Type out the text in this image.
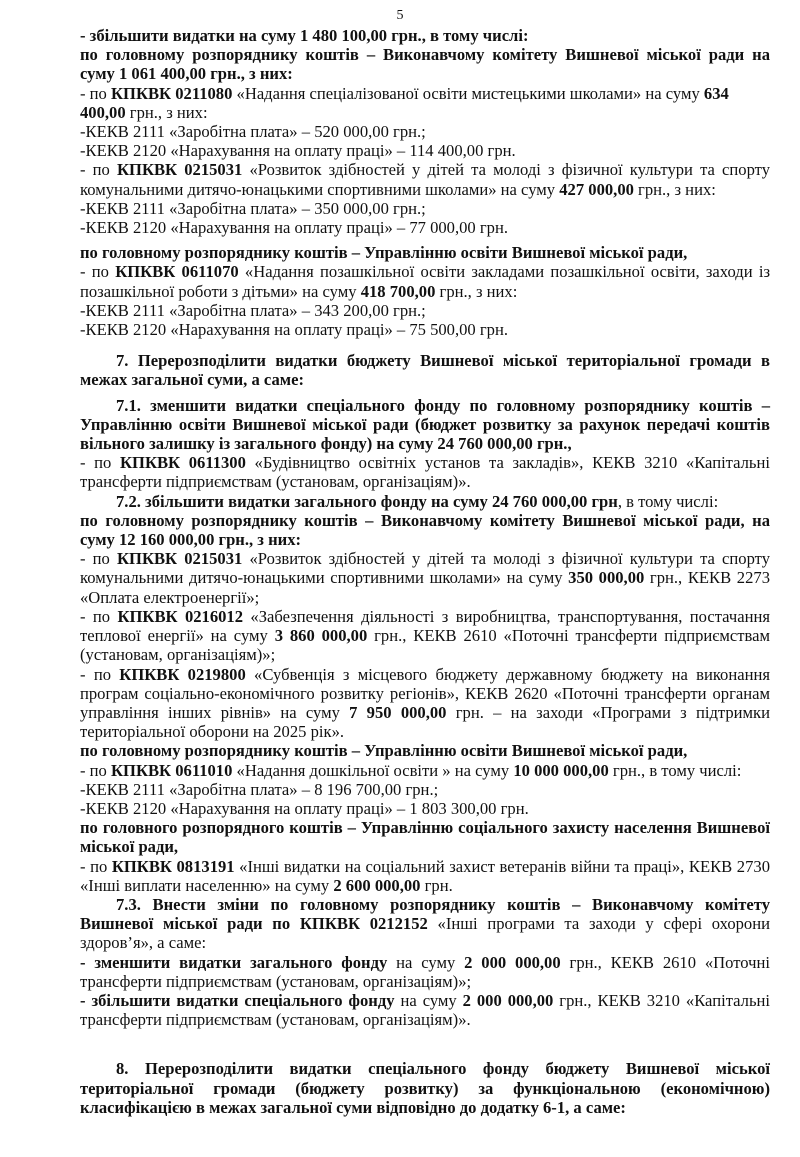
5

- збільшити видатки на суму 1 480 100,00 грн., в тому числі:

по головному розпоряднику коштів – Виконавчому комітету Вишневої міської ради на суму 1 061 400,00 грн., з них:

- по КПКВК 0211080 «Надання спеціалізованої освіти мистецькими школами» на суму 634 400,00 грн., з них:

-КЕКВ 2111 «Заробітна плата» – 520 000,00 грн.;

-КЕКВ 2120 «Нарахування на оплату праці» – 114 400,00 грн.

- по КПКВК 0215031 «Розвиток здібностей у дітей та молоді з фізичної культури та спорту комунальними дитячо-юнацькими спортивними школами» на суму 427 000,00 грн., з них:

-КЕКВ 2111 «Заробітна плата» – 350 000,00 грн.;

-КЕКВ 2120 «Нарахування на оплату праці» – 77 000,00 грн.

по головному розпоряднику коштів – Управлінню освіти Вишневої міської ради,

- по КПКВК 0611070 «Надання позашкільної освіти закладами позашкільної освіти, заходи із позашкільної роботи з дітьми» на суму 418 700,00 грн., з них:

-КЕКВ 2111 «Заробітна плата» – 343 200,00 грн.;

-КЕКВ 2120 «Нарахування на оплату праці» – 75 500,00 грн.

7. Перерозподілити видатки бюджету Вишневої міської територіальної громади в межах загальної суми, а саме:

7.1. зменшити видатки спеціального фонду по головному розпоряднику коштів – Управлінню освіти Вишневої міської ради (бюджет розвитку за рахунок передачі коштів вільного залишку із загального фонду) на суму 24 760 000,00 грн.,

- по КПКВК 0611300 «Будівництво освітніх установ та закладів», КЕКВ 3210 «Капітальні трансферти підприємствам (установам, організаціям)».

7.2. збільшити видатки загального фонду на суму 24 760 000,00 грн, в тому числі:

по головному розпоряднику коштів – Виконавчому комітету Вишневої міської ради, на суму 12 160 000,00 грн., з них:

- по КПКВК 0215031 «Розвиток здібностей у дітей та молоді з фізичної культури та спорту комунальними дитячо-юнацькими спортивними школами» на суму 350 000,00 грн., КЕКВ 2273 «Оплата електроенергії»;

- по КПКВК 0216012 «Забезпечення діяльності з виробництва, транспортування, постачання теплової енергії» на суму 3 860 000,00 грн., КЕКВ 2610 «Поточні трансферти підприємствам (установам, організаціям)»;

- по КПКВК 0219800 «Субвенція з місцевого бюджету державному бюджету на виконання програм соціально-економічного розвитку регіонів», КЕКВ 2620 «Поточні трансферти органам управління інших рівнів» на суму 7 950 000,00 грн. – на заходи «Програми з підтримки територіальної оборони на 2025 рік».

по головному розпоряднику коштів – Управлінню освіти Вишневої міської ради,

- по КПКВК 0611010 «Надання дошкільної освіти » на суму 10 000 000,00 грн., в тому числі:

-КЕКВ 2111 «Заробітна плата» – 8 196 700,00 грн.;

-КЕКВ 2120 «Нарахування на оплату праці» – 1 803 300,00 грн.

по головного розпорядного коштів – Управлінню соціального захисту населення Вишневої міської ради,

- по КПКВК 0813191 «Інші видатки на соціальний захист ветеранів війни та праці», КЕКВ 2730 «Інші виплати населенню» на суму 2 600 000,00 грн.

7.3. Внести зміни по головному розпоряднику коштів – Виконавчому комітету Вишневої міської ради по КПКВК 0212152 «Інші програми та заходи у сфері охорони здоров’я», а саме:

- зменшити видатки загального фонду на суму 2 000 000,00 грн., КЕКВ 2610 «Поточні трансферти підприємствам (установам, організаціям)»;

- збільшити видатки спеціального фонду на суму 2 000 000,00 грн., КЕКВ 3210 «Капітальні трансферти підприємствам (установам, організаціям)».

8. Перерозподілити видатки спеціального фонду бюджету Вишневої міської територіальної громади (бюджету розвитку) за функціональною (економічною) класифікацією в межах загальної суми відповідно до додатку 6-1, а саме:
